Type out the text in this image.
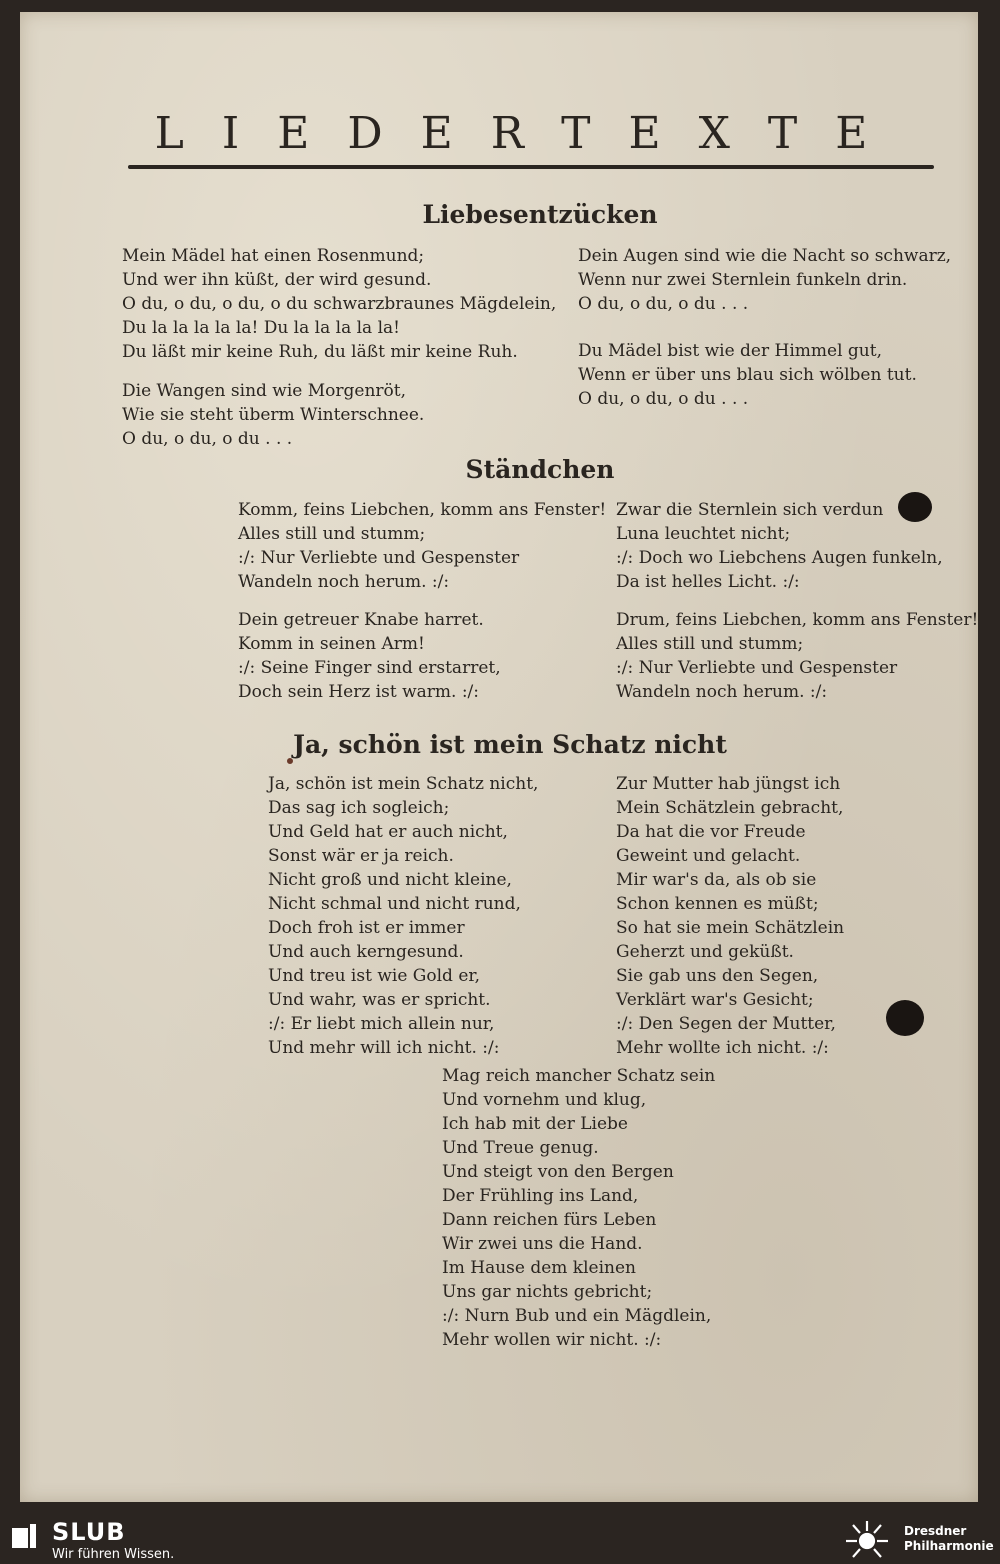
LIEDERTEXTE
Liebesentzücken
Mein Mädel hat einen Rosenmund;
Und wer ihn küßt, der wird gesund.
O du, o du, o du, o du schwarzbraunes Mägdelein,
Du la la la la la! Du la la la la la!
Du läßt mir keine Ruh, du läßt mir keine Ruh.
Die Wangen sind wie Morgenröt,
Wie sie steht überm Winterschnee.
O du, o du, o du . . .
Dein Augen sind wie die Nacht so schwarz,
Wenn nur zwei Sternlein funkeln drin.
O du, o du, o du . . .
Du Mädel bist wie der Himmel gut,
Wenn er über uns blau sich wölben tut.
O du, o du, o du . . .
Ständchen
Komm, feins Liebchen, komm ans Fenster!
Alles still und stumm;
:/: Nur Verliebte und Gespenster
Wandeln noch herum. :/:
Dein getreuer Knabe harret.
Komm in seinen Arm!
:/: Seine Finger sind erstarret,
Doch sein Herz ist warm. :/:
Zwar die Sternlein sich verdun
Luna leuchtet nicht;
:/: Doch wo Liebchens Augen funkeln,
Da ist helles Licht. :/:
Drum, feins Liebchen, komm ans Fenster!
Alles still und stumm;
:/: Nur Verliebte und Gespenster
Wandeln noch herum. :/:
Ja, schön ist mein Schatz nicht
Ja, schön ist mein Schatz nicht,
Das sag ich sogleich;
Und Geld hat er auch nicht,
Sonst wär er ja reich.
Nicht groß und nicht kleine,
Nicht schmal und nicht rund,
Doch froh ist er immer
Und auch kerngesund.
Und treu ist wie Gold er,
Und wahr, was er spricht.
:/: Er liebt mich allein nur,
Und mehr will ich nicht. :/:
Zur Mutter hab jüngst ich
Mein Schätzlein gebracht,
Da hat die vor Freude
Geweint und gelacht.
Mir war's da, als ob sie
Schon kennen es müßt;
So hat sie mein Schätzlein
Geherzt und geküßt.
Sie gab uns den Segen,
Verklärt war's Gesicht;
:/: Den Segen der Mutter,
Mehr wollte ich nicht. :/:
Mag reich mancher Schatz sein
Und vornehm und klug,
Ich hab mit der Liebe
Und Treue genug.
Und steigt von den Bergen
Der Frühling ins Land,
Dann reichen fürs Leben
Wir zwei uns die Hand.
Im Hause dem kleinen
Uns gar nichts gebricht;
:/: Nurn Bub und ein Mägdlein,
Mehr wollen wir nicht. :/:
SLUB
Wir führen Wissen.
Dresdner
Philharmonie
